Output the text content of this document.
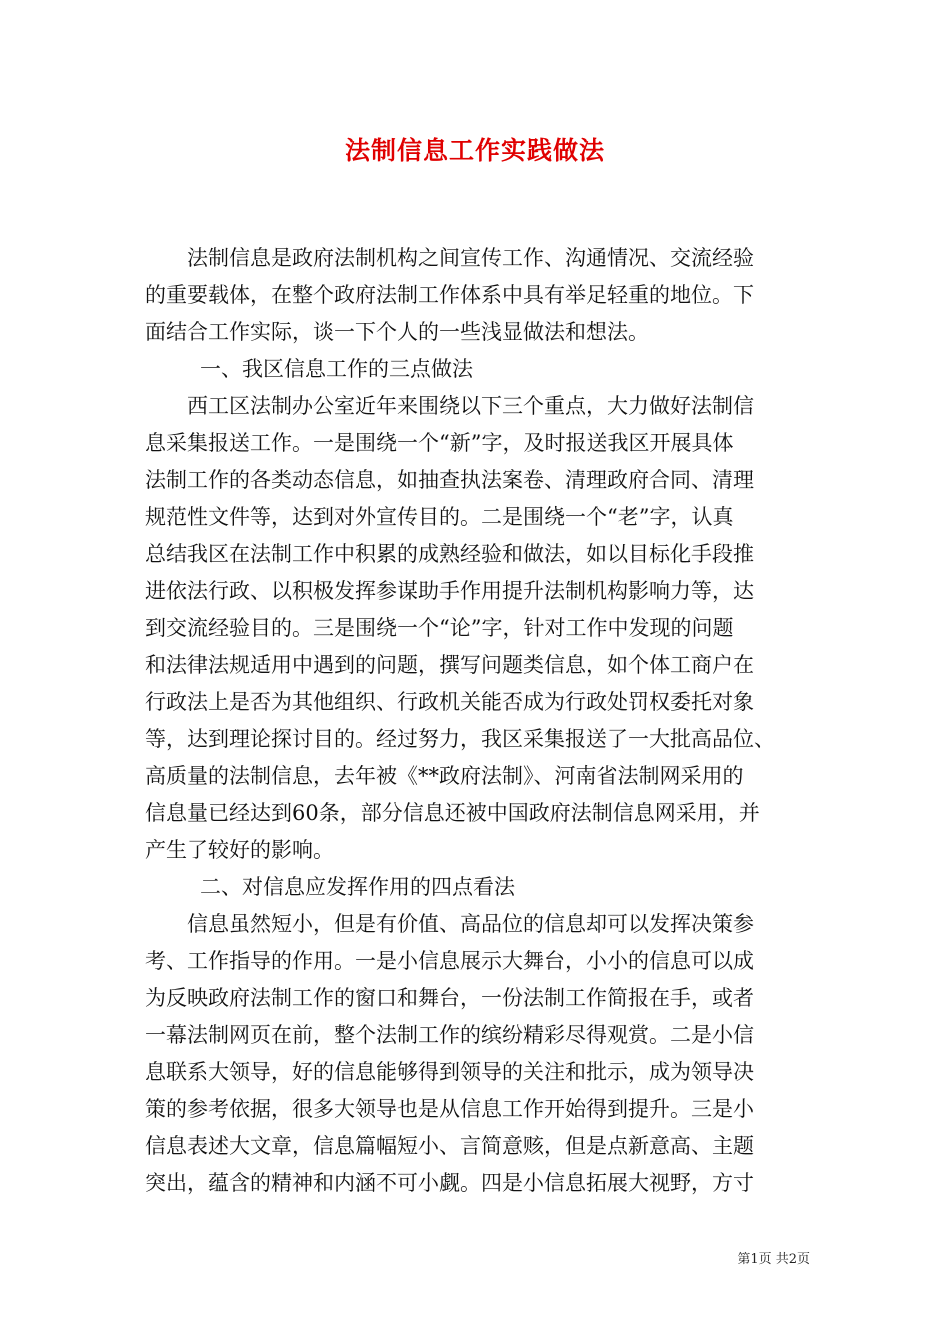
法制信息工作实践做法
法制信息是政府法制机构之间宣传工作、沟通情况、交流经验
的重要载体，在整个政府法制工作体系中具有举足轻重的地位。下
面结合工作实际，谈一下个人的一些浅显做法和想法。
一、我区信息工作的三点做法
西工区法制办公室近年来围绕以下三个重点，大力做好法制信
息采集报送工作。一是围绕一个“新”字，及时报送我区开展具体
法制工作的各类动态信息，如抽查执法案卷、清理政府合同、清理
规范性文件等，达到对外宣传目的。二是围绕一个“老”字，认真
总结我区在法制工作中积累的成熟经验和做法，如以目标化手段推
进依法行政、以积极发挥参谋助手作用提升法制机构影响力等，达
到交流经验目的。三是围绕一个“论”字，针对工作中发现的问题
和法律法规适用中遇到的问题，撰写问题类信息，如个体工商户在
行政法上是否为其他组织、行政机关能否成为行政处罚权委托对象
等，达到理论探讨目的。经过努力，我区采集报送了一大批高品位、
高质量的法制信息，去年被《**政府法制》、河南省法制网采用的
信息量已经达到60条，部分信息还被中国政府法制信息网采用，并
产生了较好的影响。
二、对信息应发挥作用的四点看法
信息虽然短小，但是有价值、高品位的信息却可以发挥决策参
考、工作指导的作用。一是小信息展示大舞台，小小的信息可以成
为反映政府法制工作的窗口和舞台，一份法制工作简报在手，或者
一幕法制网页在前，整个法制工作的缤纷精彩尽得观赏。二是小信
息联系大领导，好的信息能够得到领导的关注和批示，成为领导决
策的参考依据，很多大领导也是从信息工作开始得到提升。三是小
信息表述大文章，信息篇幅短小、言简意赅，但是点新意高、主题
突出，蕴含的精神和内涵不可小觑。四是小信息拓展大视野，方寸
第1页 共2页
